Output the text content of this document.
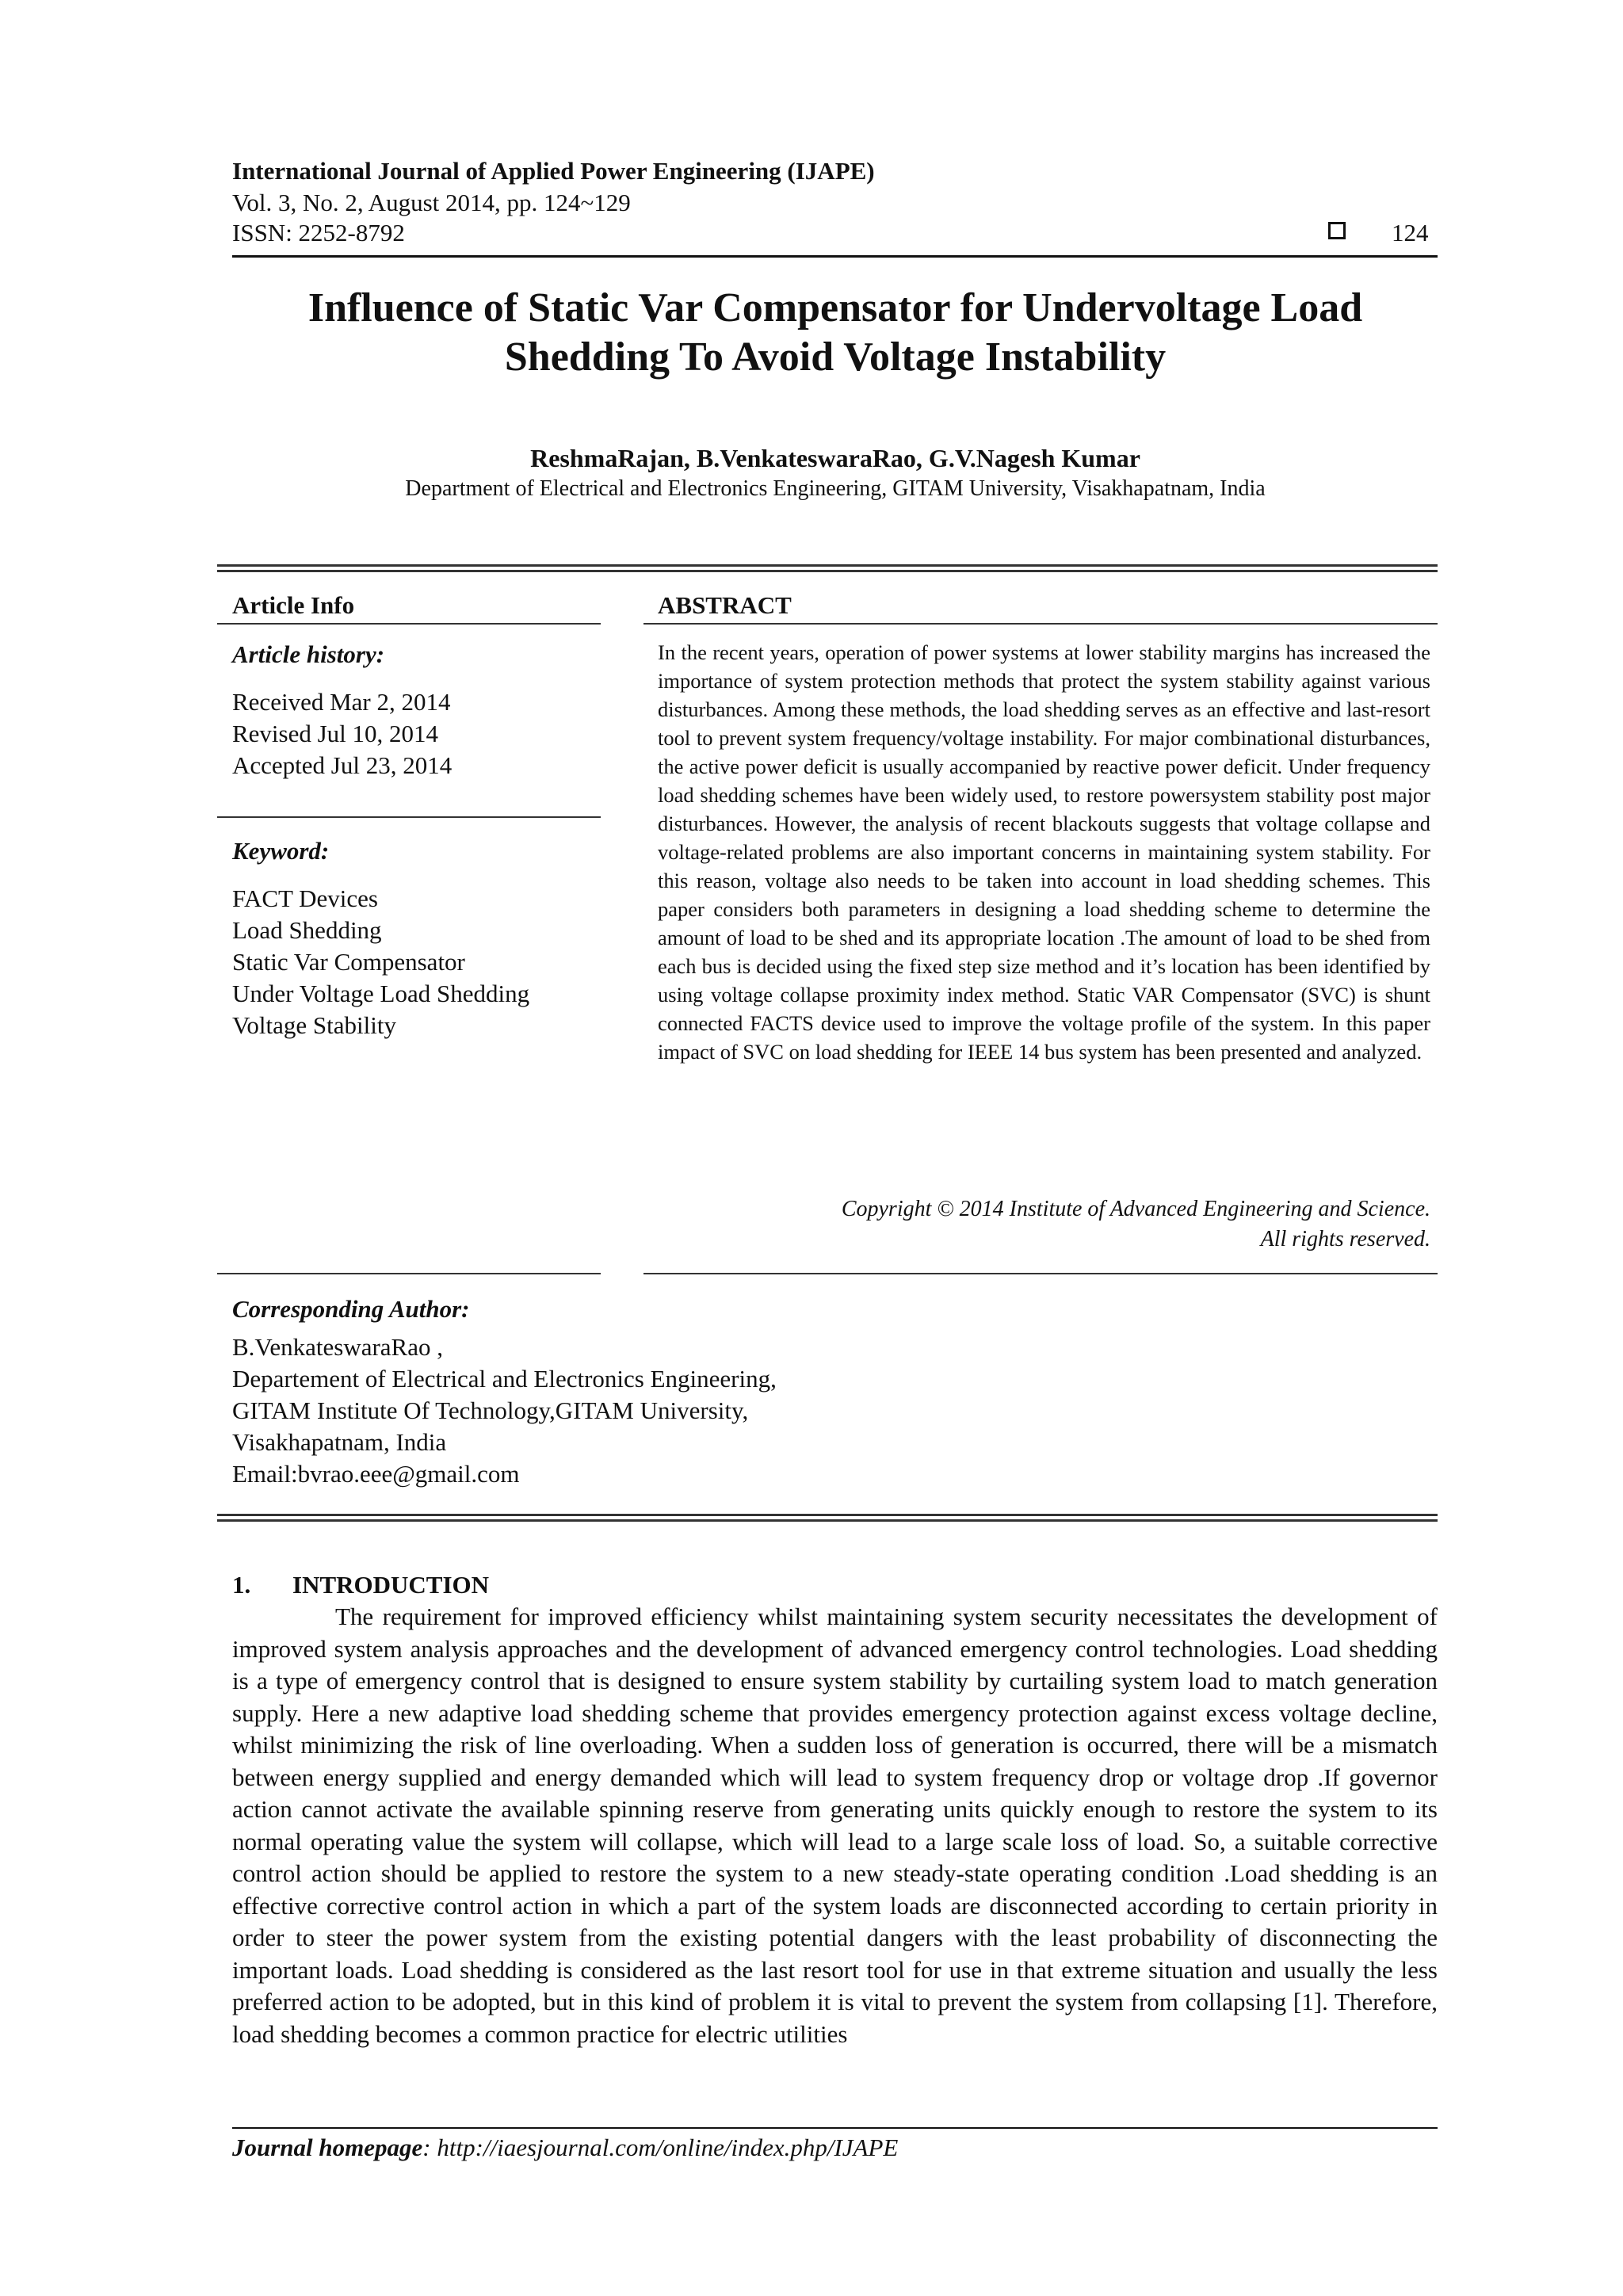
International Journal of Applied Power Engineering (IJAPE)
Vol. 3, No. 2, August 2014, pp. 124~129
ISSN: 2252-8792	124
Influence of Static Var Compensator for Undervoltage Load
Shedding To Avoid Voltage Instability
ReshmaRajan, B.VenkateswaraRao, G.V.Nagesh Kumar
Department of Electrical and Electronics Engineering, GITAM University, Visakhapatnam, India
Article Info
Article history:
Received Mar 2, 2014
Revised Jul 10, 2014
Accepted Jul 23, 2014
Keyword:
FACT Devices
Load Shedding
Static Var Compensator
Under Voltage Load Shedding
Voltage Stability
ABSTRACT
In the recent years, operation of power systems at lower stability margins has increased the importance of system protection methods that protect the system stability against various disturbances. Among these methods, the load shedding serves as an effective and last-resort tool to prevent system frequency/voltage instability. For major combinational disturbances, the active power deficit is usually accompanied by reactive power deficit. Under frequency load shedding schemes have been widely used, to restore powersystem stability post major disturbances. However, the analysis of recent blackouts suggests that voltage collapse and voltage-related problems are also important concerns in maintaining system stability. For this reason, voltage also needs to be taken into account in load shedding schemes. This paper considers both parameters in designing a load shedding scheme to determine the amount of load to be shed and its appropriate location .The amount of load to be shed from each bus is decided using the fixed step size method and it’s location has been identified by using voltage collapse proximity index method. Static VAR Compensator (SVC) is shunt connected FACTS device used to improve the voltage profile of the system. In this paper impact of SVC on load shedding for IEEE 14 bus system has been presented and analyzed.
Copyright © 2014 Institute of Advanced Engineering and Science.
All rights reserved.
Corresponding Author:
B.VenkateswaraRao ,
Departement of Electrical and Electronics Engineering,
GITAM Institute Of Technology,GITAM University,
Visakhapatnam, India
Email:bvrao.eee@gmail.com
1. INTRODUCTION
The requirement for improved efficiency whilst maintaining system security necessitates the development of improved system analysis approaches and the development of advanced emergency control technologies. Load shedding is a type of emergency control that is designed to ensure system stability by curtailing system load to match generation supply. Here a new adaptive load shedding scheme that provides emergency protection against excess voltage decline, whilst minimizing the risk of line overloading. When a sudden loss of generation is occurred, there will be a mismatch between energy supplied and energy demanded which will lead to system frequency drop or voltage drop .If governor action cannot activate the available spinning reserve from generating units quickly enough to restore the system to its normal operating value the system will collapse, which will lead to a large scale loss of load. So, a suitable corrective control action should be applied to restore the system to a new steady-state operating condition .Load shedding is an effective corrective control action in which a part of the system loads are disconnected according to certain priority in order to steer the power system from the existing potential dangers with the least probability of disconnecting the important loads. Load shedding is considered as the last resort tool for use in that extreme situation and usually the less preferred action to be adopted, but in this kind of problem it is vital to prevent the system from collapsing [1]. Therefore, load shedding becomes a common practice for electric utilities
Journal homepage: http://iaesjournal.com/online/index.php/IJAPE
